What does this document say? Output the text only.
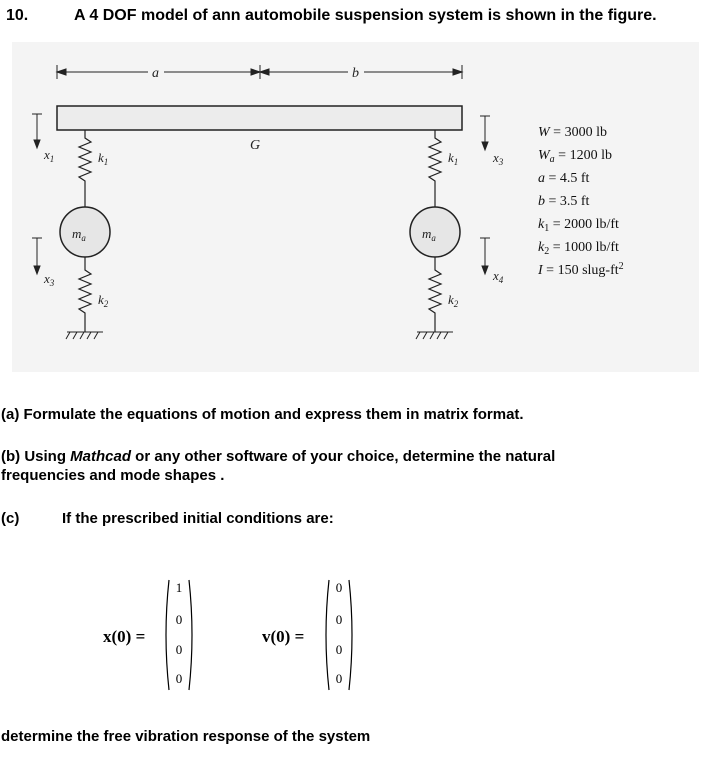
10.	A 4 DOF model of ann automobile suspension system is shown in the figure.
a	b
G
$x_1$
$x_3$
$x_3$
$x_4$
$k_1$
$m_a$
$k_2$
$k_1$
$m_a$
$k_2$
W = 3000 lb
$W_a = 1200$ lb
a = 4.5 ft
b = 3.5 ft
$k_1 = 2000$ lb/ft
$k_2 = 1000$ lb/ft
I = 150 slug-$ft^2$
(a) Formulate the equations of motion and express them in matrix format.
(b) Using Mathcad or any other software of your choice, determine the natural
frequencies and mode shapes .
(c)	If the prescribed initial conditions are:
x(0) =
1
0
0
0
v(0) =
0
0
0
0
determine the free vibration response of the system
